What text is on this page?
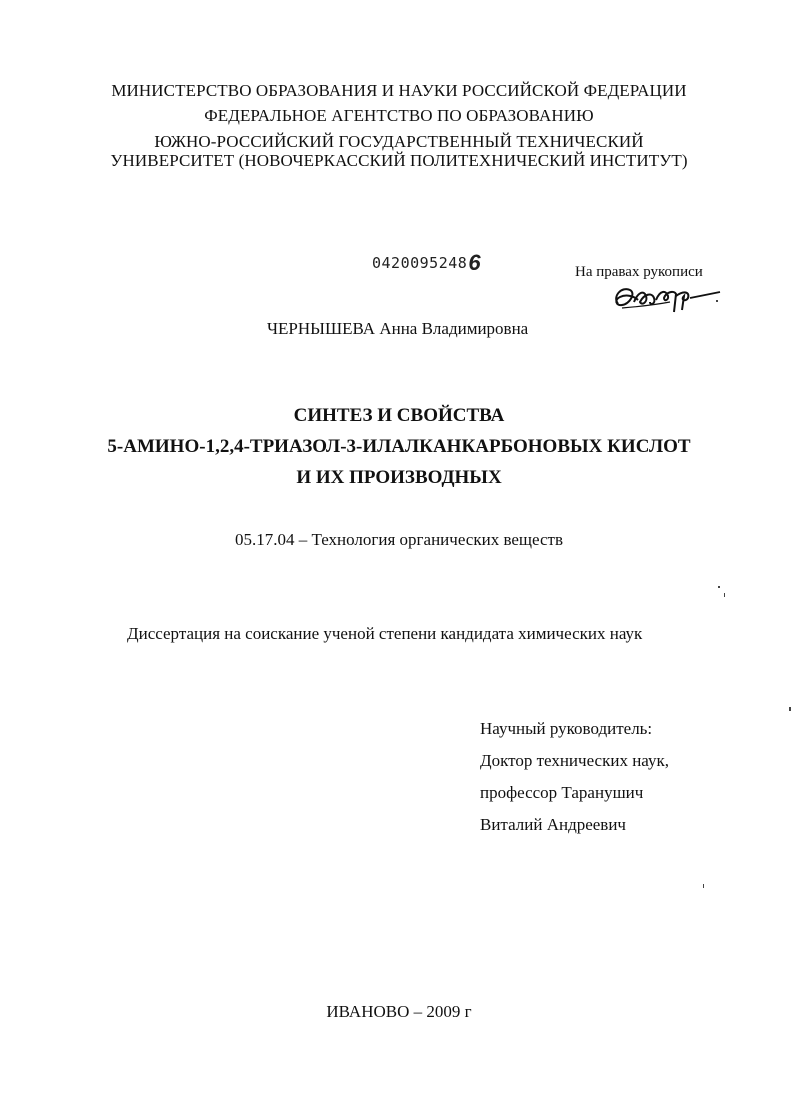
МИНИСТЕРСТВО ОБРАЗОВАНИЯ И НАУКИ РОССИЙСКОЙ ФЕДЕРАЦИИ
ФЕДЕРАЛЬНОЕ АГЕНТСТВО ПО ОБРАЗОВАНИЮ
ЮЖНО-РОССИЙСКИЙ ГОСУДАРСТВЕННЫЙ ТЕХНИЧЕСКИЙ
УНИВЕРСИТЕТ (НОВОЧЕРКАССКИЙ ПОЛИТЕХНИЧЕСКИЙ ИНСТИТУТ)
04200952486	На правах рукописи
ЧЕРНЫШЕВА Анна Владимировна
СИНТЕЗ И СВОЙСТВА
5-АМИНО-1,2,4-ТРИАЗОЛ-3-ИЛАЛКАНКАРБОНОВЫХ КИСЛОТ
И ИХ ПРОИЗВОДНЫХ
05.17.04 – Технология органических веществ
Диссертация на соискание ученой степени кандидата химических наук
Научный руководитель:
Доктор технических наук,
профессор Таранушич
Виталий Андреевич
ИВАНОВО – 2009 г
